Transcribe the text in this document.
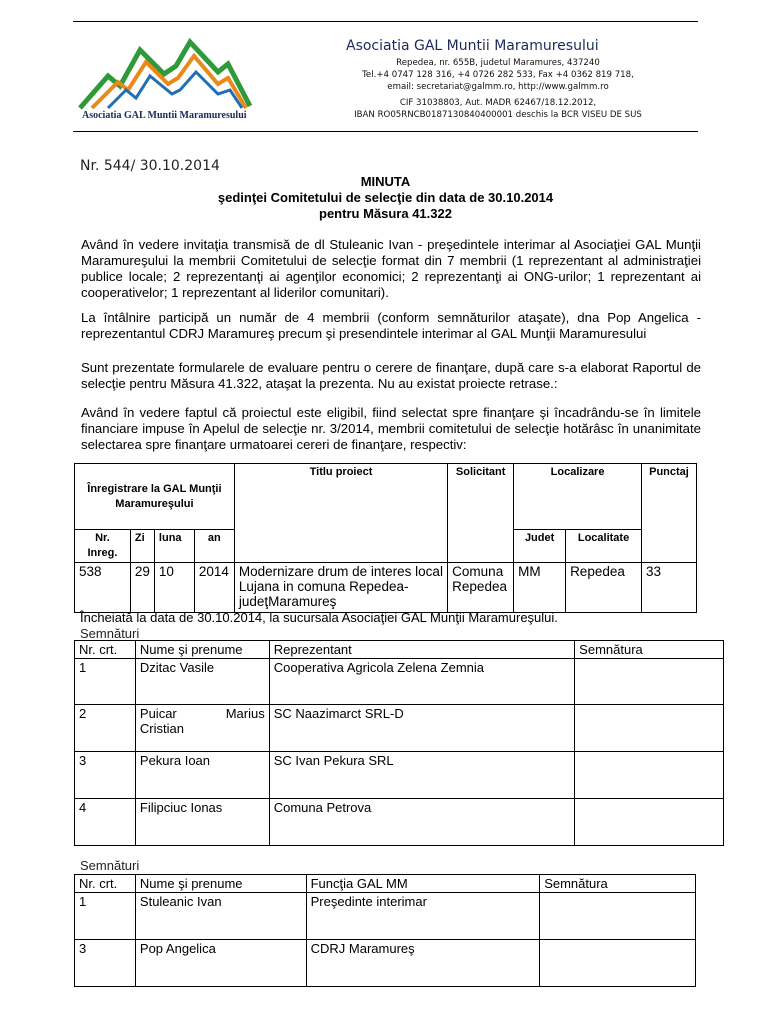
Asociatia GAL Muntii Maramuresului
Asociatia GAL Muntii Maramuresului
Repedea, nr. 655B, judetul Maramures, 437240
Tel.+4 0747 128 316, +4 0726 282 533, Fax +4 0362 819 718,
email: secretariat@galmm.ro, http://www.galmm.ro
CIF 31038803, Aut. MADR 62467/18.12.2012,
IBAN RO05RNCB0187130840400001 deschis la BCR VISEU DE SUS
Nr. 544/ 30.10.2014
MINUTA
şedinţei Comitetului de selecţie din data de 30.10.2014
pentru Măsura 41.322
Având în vedere invitaţia transmisă de dl Stuleanic Ivan - preşedintele interimar al Asociaţiei GAL Munţii Maramureşului la membrii Comitetului de selecţie format din 7 membrii (1 reprezentant al administraţiei publice locale; 2 reprezentanţi ai agenţilor economici; 2 reprezentanţi ai ONG-urilor; 1 reprezentant ai cooperativelor; 1 reprezentant al liderilor comunitari).
La întâlnire participă un număr de 4 membrii (conform semnăturilor ataşate), dna Pop Angelica - reprezentantul CDRJ Maramureş precum şi presendintele interimar al GAL Munţii Maramuresului
Sunt prezentate formularele de evaluare pentru o cerere de finanţare, după care s-a elaborat Raportul de selecţie pentru Măsura 41.322, ataşat la prezenta. Nu au existat proiecte retrase.:
Având în vedere faptul că proiectul este eligibil, fiind selectat spre finanţare şi încadrându-se în limitele financiare impuse în Apelul de selecţie nr. 3/2014, membrii comitetului de selecţie hotărâsc în unanimitate selectarea spre finanţare urmatoarei cereri de finanţare, respectiv:
Înregistrare la GAL Munţii Maramureşului				Titlu proiect	Solicitant	Localizare		Punctaj
Nr. Inreg.	Zi	luna	an			Judet	Localitate	
538	29	10	2014	Modernizare drum de interes local Lujana in comuna Repedea-judeţMaramureş	Comuna Repedea	MM	Repedea	33
Încheiată la data de 30.10.2014, la sucursala Asociaţiei GAL Munţii Maramureşului.
Semnături
Nr. crt.	Nume şi prenume	Reprezentant	Semnătura
1	Dzitac Vasile	Cooperativa Agricola Zelena Zemnia	
2	Puicar Marius Cristian	SC Naazimarct SRL-D	
3	Pekura Ioan	SC Ivan Pekura SRL	
4	Filipciuc Ionas	Comuna Petrova	
Semnături
Nr. crt.	Nume şi prenume	Funcţia GAL MM	Semnătura
1	Stuleanic Ivan	Preşedinte interimar	
3	Pop Angelica	CDRJ Maramureş	
